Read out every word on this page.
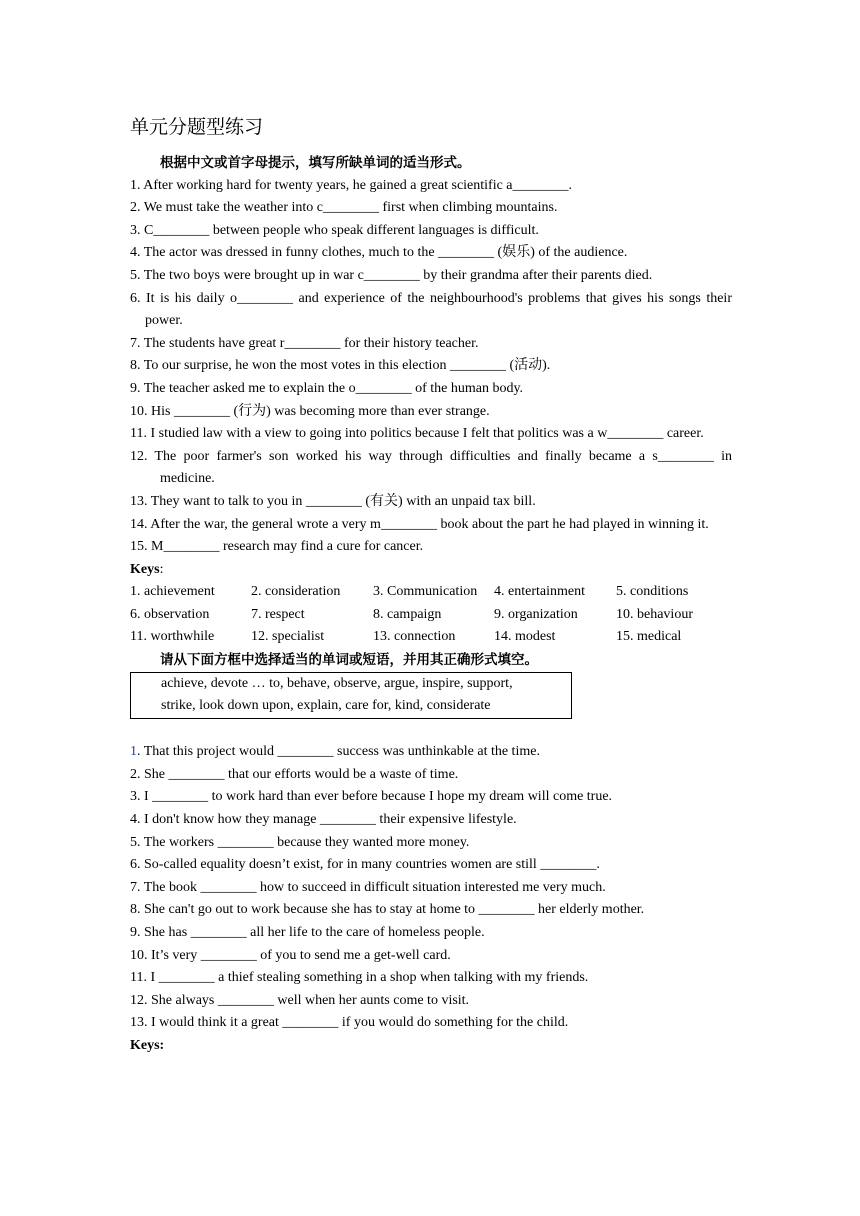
单元分题型练习
根据中文或首字母提示，填写所缺单词的适当形式。
1. After working hard for twenty years, he gained a great scientific a________.
2. We must take the weather into c________ first when climbing mountains.
3. C________ between people who speak different languages is difficult.
4. The actor was dressed in funny clothes, much to the ________ (娱乐) of the audience.
5. The two boys were brought up in war c________ by their grandma after their parents died.
6. It is his daily o________ and experience of the neighbourhood's problems that gives his songs their power.
7. The students have great r________ for their history teacher.
8. To our surprise, he won the most votes in this election ________ (活动).
9. The teacher asked me to explain the o________ of the human body.
10. His ________ (行为) was becoming more than ever strange.
11. I studied law with a view to going into politics because I felt that politics was a w________ career.
12. The poor farmer's son worked his way through difficulties and finally became a s________ in medicine.
13. They want to talk to you in ________ (有关) with an unpaid tax bill.
14. After the war, the general wrote a very m________ book about the part he had played in winning it.
15. M________ research may find a cure for cancer.
Keys:
1. achievement	2. consideration	3. Communication	4. entertainment	5. conditions
6. observation	7. respect	8. campaign	9. organization	10. behaviour
11. worthwhile	12. specialist	13. connection	14. modest	15. medical
请从下面方框中选择适当的单词或短语，并用其正确形式填空。
achieve, devote … to, behave, observe, argue, inspire, support,
strike, look down upon, explain, care for, kind, considerate
1. That this project would ________ success was unthinkable at the time.
2. She ________ that our efforts would be a waste of time.
3. I ________ to work hard than ever before because I hope my dream will come true.
4. I don't know how they manage ________ their expensive lifestyle.
5. The workers ________ because they wanted more money.
6. So-called equality doesn’t exist, for in many countries women are still ________.
7. The book ________ how to succeed in difficult situation interested me very much.
8. She can't go out to work because she has to stay at home to ________ her elderly mother.
9. She has ________ all her life to the care of homeless people.
10. It’s very ________ of you to send me a get-well card.
11. I ________ a thief stealing something in a shop when talking with my friends.
12. She always ________ well when her aunts come to visit.
13. I would think it a great ________ if you would do something for the child.
Keys:
